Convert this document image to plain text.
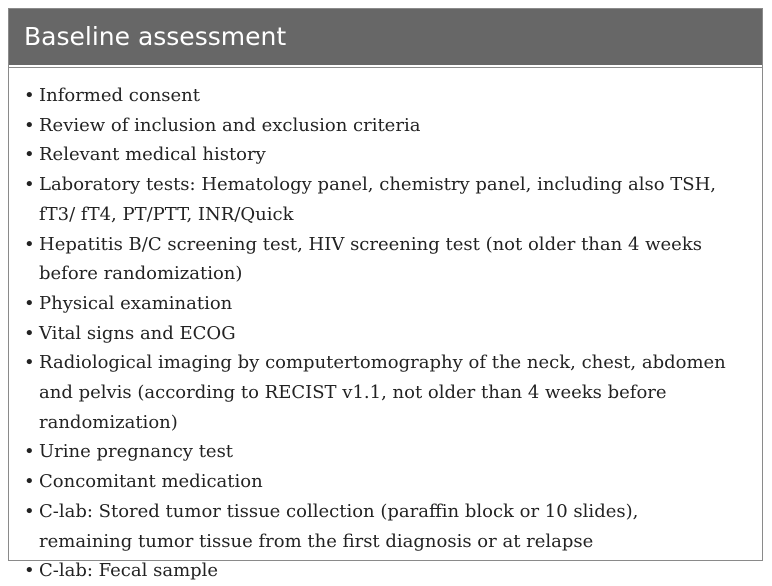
Baseline assessment
• Informed consent
• Review of inclusion and exclusion criteria
• Relevant medical history
• Laboratory tests: Hematology panel, chemistry panel, including also TSH, fT3/ fT4, PT/PTT, INR/Quick
• Hepatitis B/C screening test, HIV screening test (not older than 4 weeks before randomization)
• Physical examination
• Vital signs and ECOG
• Radiological imaging by computertomography of the neck, chest, abdomen and pelvis (according to RECIST v1.1, not older than 4 weeks before randomization)
• Urine pregnancy test
• Concomitant medication
• C-lab: Stored tumor tissue collection (paraffin block or 10 slides), remaining tumor tissue from the first diagnosis or at relapse
• C-lab: Fecal sample
